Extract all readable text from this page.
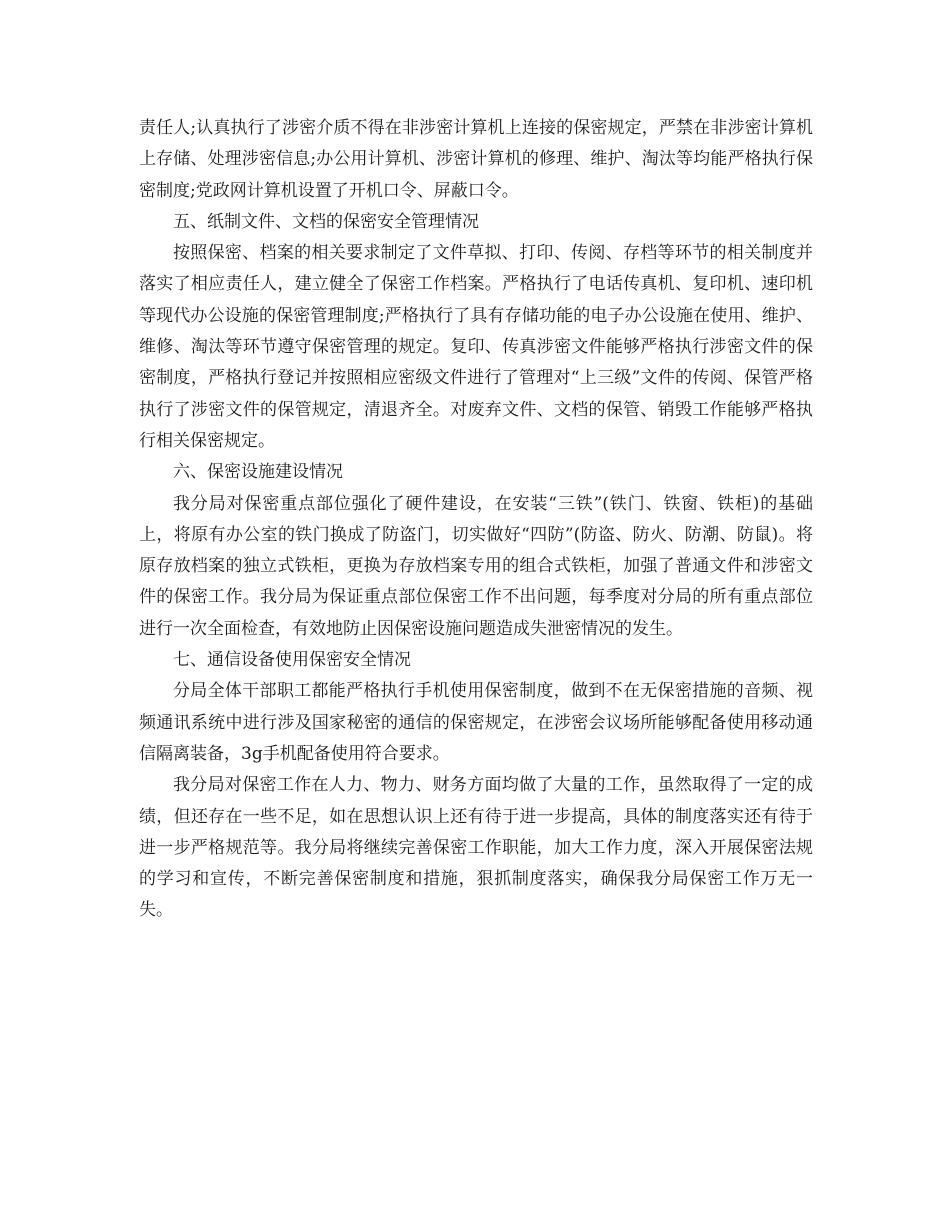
责任人;认真执行了涉密介质不得在非涉密计算机上连接的保密规定，严禁在非涉密计算机上存储、处理涉密信息;办公用计算机、涉密计算机的修理、维护、淘汰等均能严格执行保密制度;党政网计算机设置了开机口令、屏蔽口令。

五、纸制文件、文档的保密安全管理情况

按照保密、档案的相关要求制定了文件草拟、打印、传阅、存档等环节的相关制度并落实了相应责任人，建立健全了保密工作档案。严格执行了电话传真机、复印机、速印机等现代办公设施的保密管理制度;严格执行了具有存储功能的电子办公设施在使用、维护、维修、淘汰等环节遵守保密管理的规定。复印、传真涉密文件能够严格执行涉密文件的保密制度，严格执行登记并按照相应密级文件进行了管理对“上三级”文件的传阅、保管严格执行了涉密文件的保管规定，清退齐全。对废弃文件、文档的保管、销毁工作能够严格执行相关保密规定。

六、保密设施建设情况

我分局对保密重点部位强化了硬件建设，在安装“三铁”(铁门、铁窗、铁柜)的基础上，将原有办公室的铁门换成了防盗门，切实做好“四防”(防盗、防火、防潮、防鼠)。将原存放档案的独立式铁柜，更换为存放档案专用的组合式铁柜，加强了普通文件和涉密文件的保密工作。我分局为保证重点部位保密工作不出问题，每季度对分局的所有重点部位进行一次全面检查，有效地防止因保密设施问题造成失泄密情况的发生。

七、通信设备使用保密安全情况

分局全体干部职工都能严格执行手机使用保密制度，做到不在无保密措施的音频、视频通讯系统中进行涉及国家秘密的通信的保密规定，在涉密会议场所能够配备使用移动通信隔离装备，3g手机配备使用符合要求。

我分局对保密工作在人力、物力、财务方面均做了大量的工作，虽然取得了一定的成绩，但还存在一些不足，如在思想认识上还有待于进一步提高，具体的制度落实还有待于进一步严格规范等。我分局将继续完善保密工作职能，加大工作力度，深入开展保密法规的学习和宣传，不断完善保密制度和措施，狠抓制度落实，确保我分局保密工作万无一失。
